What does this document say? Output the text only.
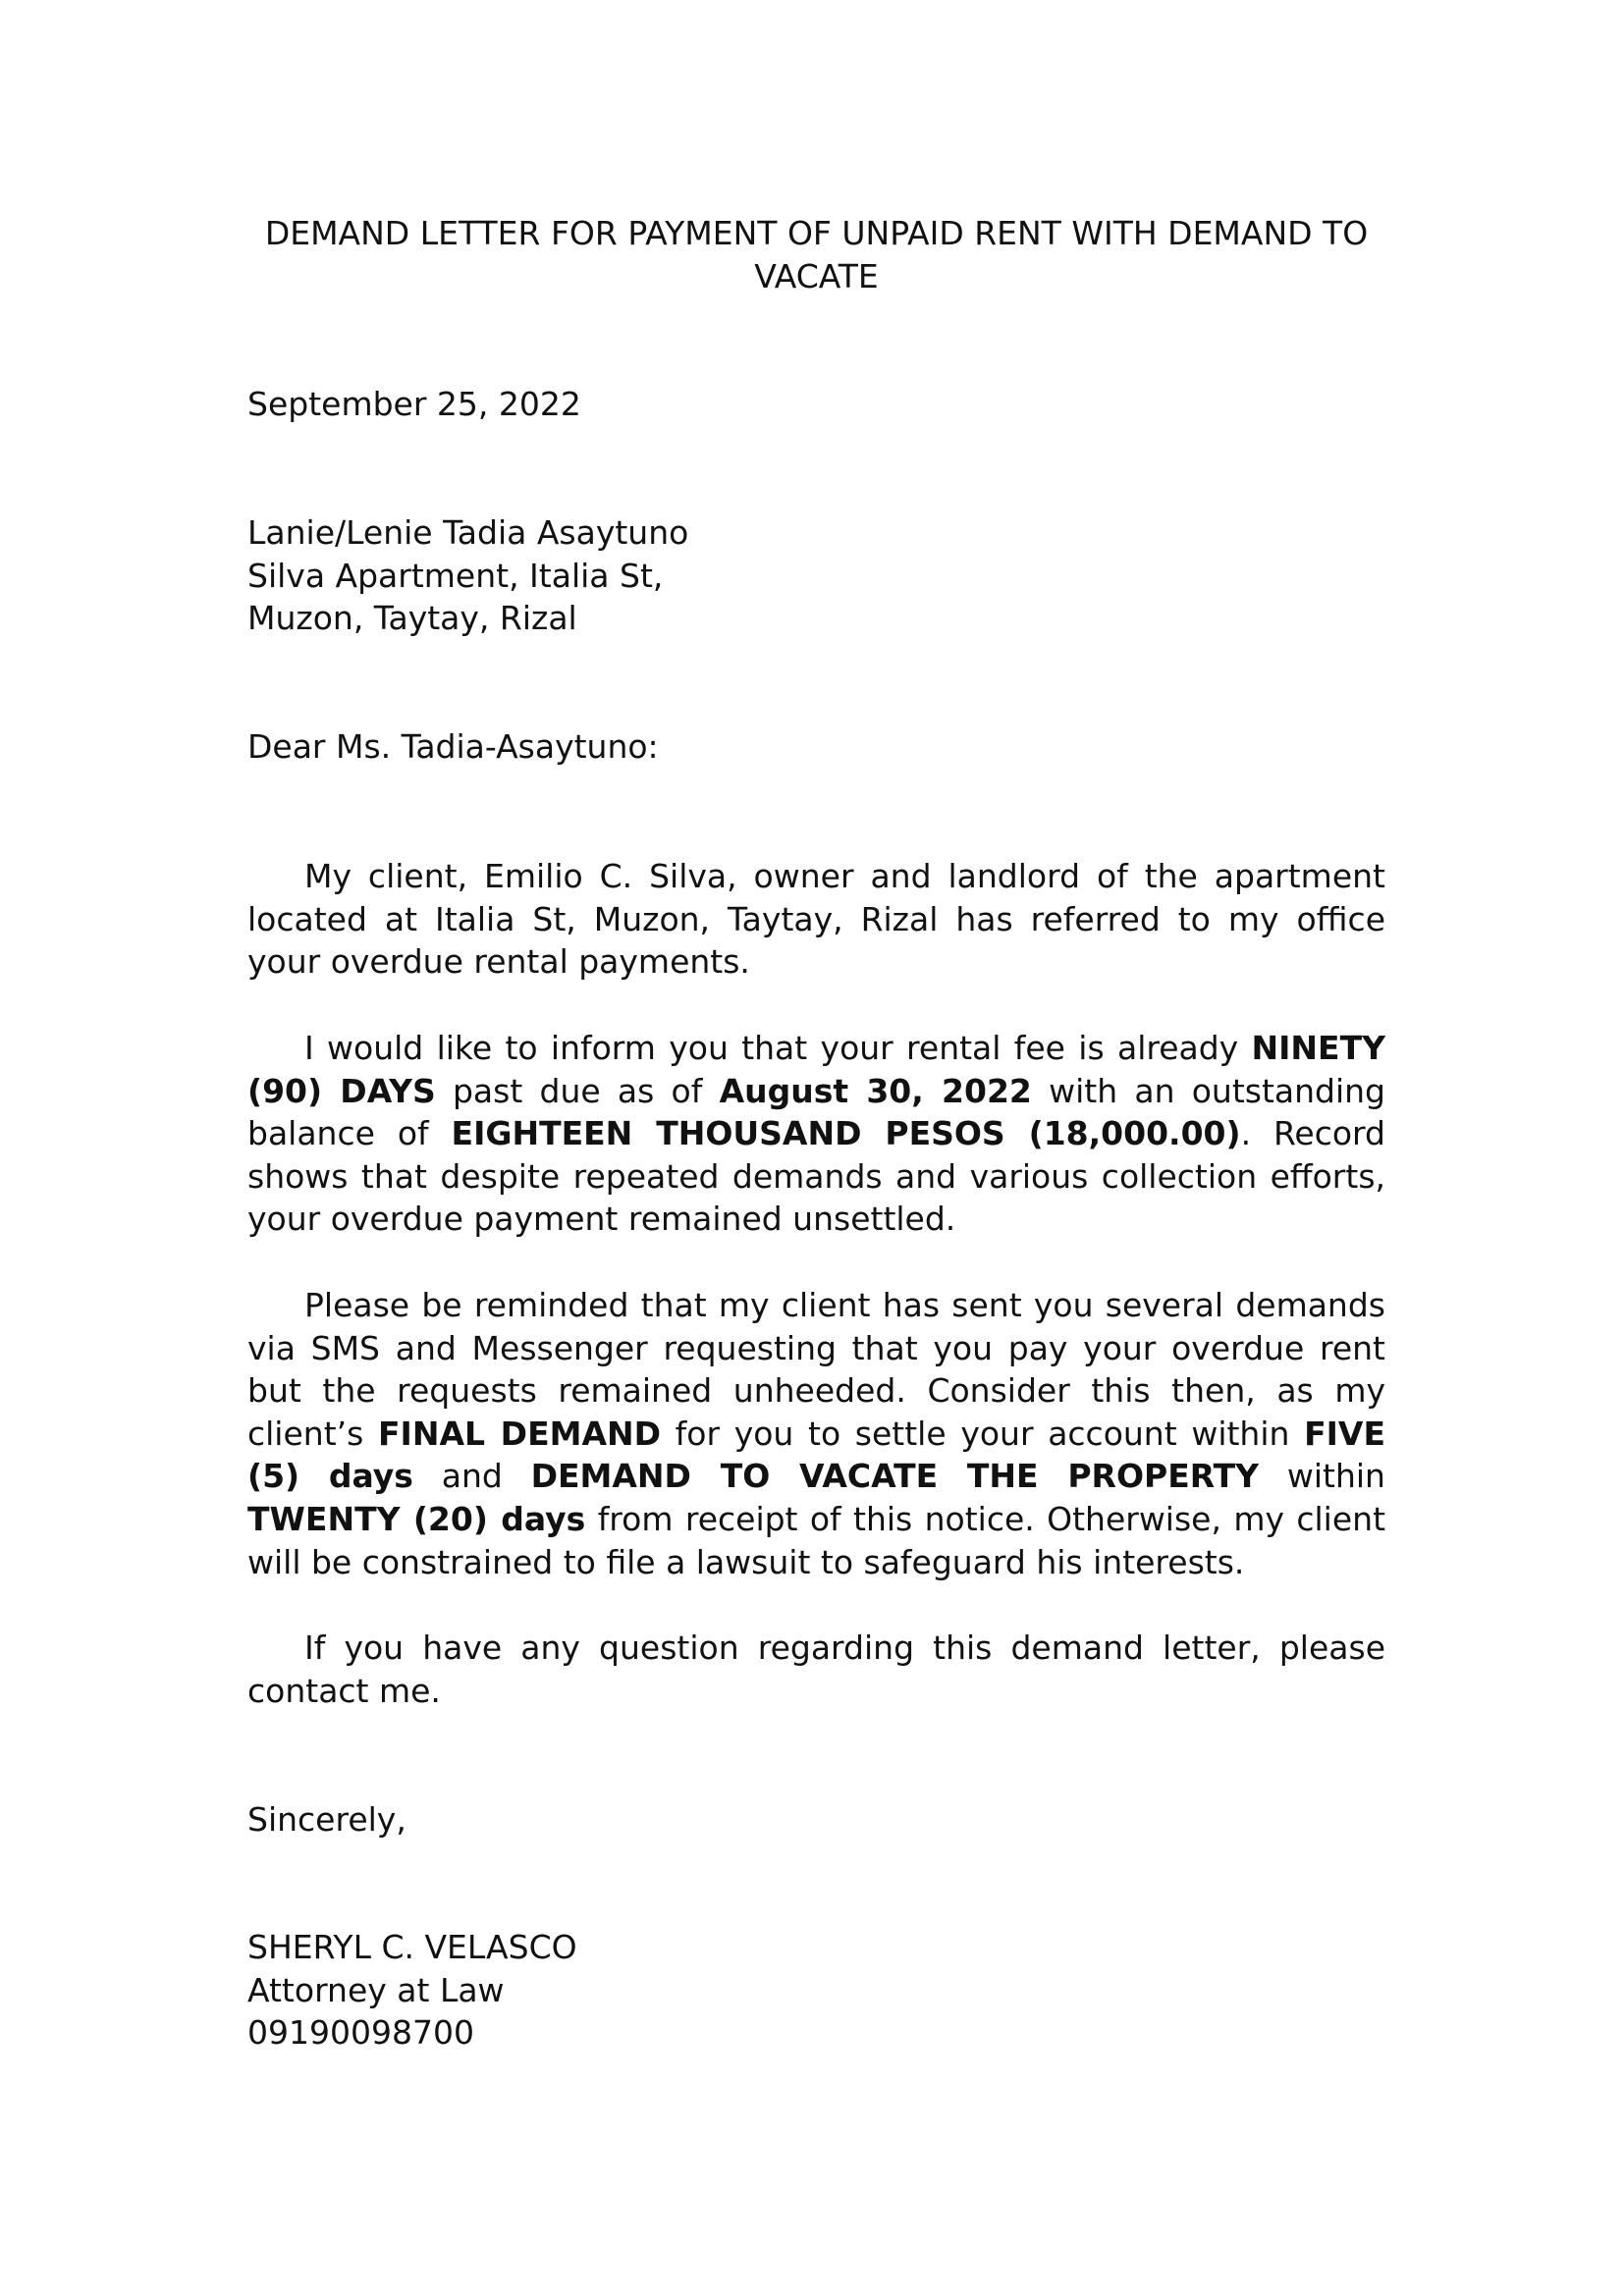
DEMAND LETTER FOR PAYMENT OF UNPAID RENT WITH DEMAND TO VACATE

September 25, 2022

Lanie/Lenie Tadia Asaytuno
Silva Apartment, Italia St,
Muzon, Taytay, Rizal

Dear Ms. Tadia-Asaytuno:

My client, Emilio C. Silva, owner and landlord of the apartment located at Italia St, Muzon, Taytay, Rizal has referred to my office your overdue rental payments.

I would like to inform you that your rental fee is already NINETY (90) DAYS past due as of August 30, 2022 with an outstanding balance of EIGHTEEN THOUSAND PESOS (18,000.00). Record shows that despite repeated demands and various collection efforts, your overdue payment remained unsettled.

Please be reminded that my client has sent you several demands via SMS and Messenger requesting that you pay your overdue rent but the requests remained unheeded. Consider this then, as my client’s FINAL DEMAND for you to settle your account within FIVE (5) days and DEMAND TO VACATE THE PROPERTY within TWENTY (20) days from receipt of this notice. Otherwise, my client will be constrained to file a lawsuit to safeguard his interests.

If you have any question regarding this demand letter, please contact me.

Sincerely,

SHERYL C. VELASCO
Attorney at Law
09190098700
